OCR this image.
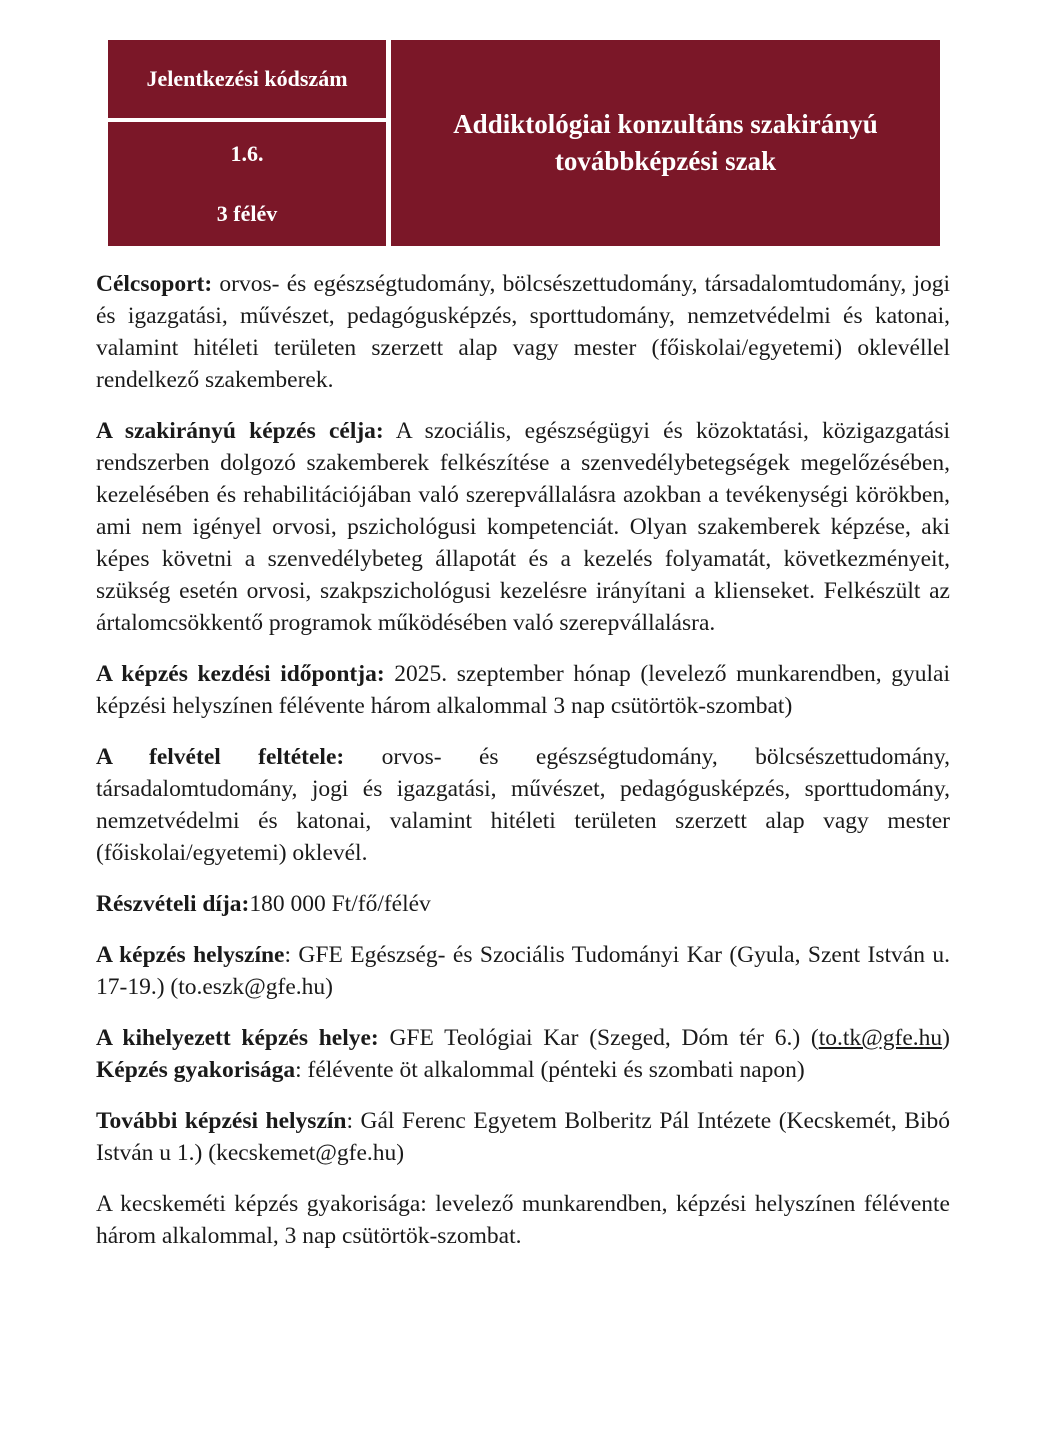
Jelentkezési kódszám
1.6.
3 félév
Addiktológiai konzultáns szakirányú továbbképzési szak

Célcsoport: orvos- és egészségtudomány, bölcsészettudomány, társadalomtudomány, jogi és igazgatási, művészet, pedagógusképzés, sporttudomány, nemzetvédelmi és katonai, valamint hitéleti területen szerzett alap vagy mester (főiskolai/egyetemi) oklevéllel rendelkező szakemberek.

A szakirányú képzés célja: A szociális, egészségügyi és közoktatási, közigazgatási rendszerben dolgozó szakemberek felkészítése a szenvedélybetegségek megelőzésében, kezelésében és rehabilitációjában való szerepvállalásra azokban a tevékenységi körökben, ami nem igényel orvosi, pszichológusi kompetenciát. Olyan szakemberek képzése, aki képes követni a szenvedélybeteg állapotát és a kezelés folyamatát, következményeit, szükség esetén orvosi, szakpszichológusi kezelésre irányítani a klienseket. Felkészült az ártalomcsökkentő programok működésében való szerepvállalásra.

A képzés kezdési időpontja: 2025. szeptember hónap (levelező munkarendben, gyulai képzési helyszínen félévente három alkalommal 3 nap csütörtök-szombat)

A felvétel feltétele: orvos- és egészségtudomány, bölcsészettudomány, társadalomtudomány, jogi és igazgatási, művészet, pedagógusképzés, sporttudomány, nemzetvédelmi és katonai, valamint hitéleti területen szerzett alap vagy mester (főiskolai/egyetemi) oklevél.

Részvételi díja:180 000 Ft/fő/félév

A képzés helyszíne: GFE Egészség- és Szociális Tudományi Kar (Gyula, Szent István u. 17-19.) (to.eszk@gfe.hu)

A kihelyezett képzés helye: GFE Teológiai Kar (Szeged, Dóm tér 6.) (to.tk@gfe.hu) Képzés gyakorisága: félévente öt alkalommal (pénteki és szombati napon)

További képzési helyszín: Gál Ferenc Egyetem Bolberitz Pál Intézete (Kecskemét, Bibó István u 1.) (kecskemet@gfe.hu)

A kecskeméti képzés gyakorisága: levelező munkarendben, képzési helyszínen félévente három alkalommal, 3 nap csütörtök-szombat.
